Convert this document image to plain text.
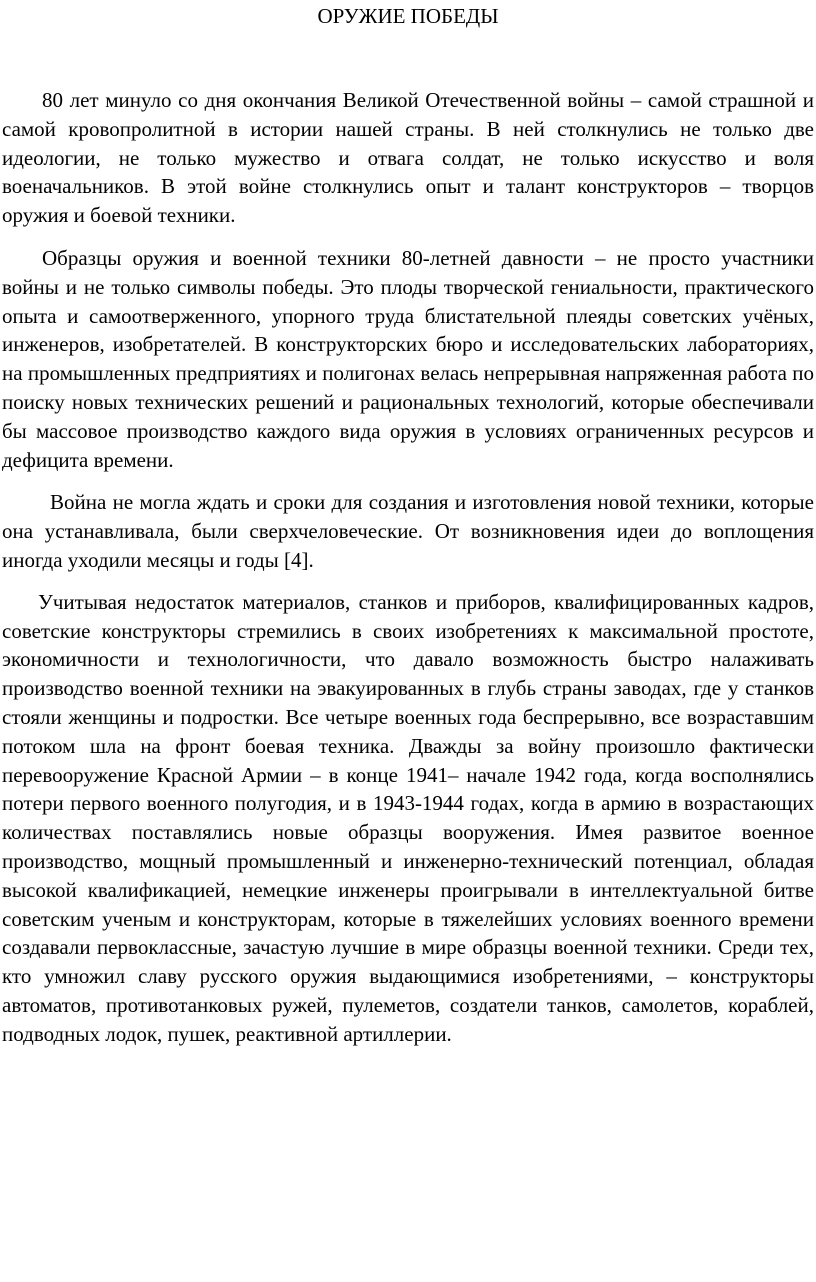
ОРУЖИЕ ПОБЕДЫ

80 лет минуло со дня окончания Великой Отечественной войны – самой страшной и самой кровопролитной в истории нашей страны. В ней столкнулись не только две идеологии, не только мужество и отвага солдат, не только искусство и воля военачальников. В этой войне столкнулись опыт и талант конструкторов – творцов оружия и боевой техники.

Образцы оружия и военной техники 80-летней давности – не просто участники войны и не только символы победы. Это плоды творческой гениальности, практического опыта и самоотверженного, упорного труда блистательной плеяды советских учёных, инженеров, изобретателей. В конструкторских бюро и исследовательских лабораториях, на промышленных предприятиях и полигонах велась непрерывная напряженная работа по поиску новых технических решений и рациональных технологий, которые обеспечивали бы массовое производство каждого вида оружия в условиях ограниченных ресурсов и дефицита времени.

Война не могла ждать и сроки для создания и изготовления новой техники, которые она устанавливала, были сверхчеловеческие. От возникновения идеи до воплощения иногда уходили месяцы и годы [4].

Учитывая недостаток материалов, станков и приборов, квалифицированных кадров, советские конструкторы стремились в своих изобретениях к максимальной простоте, экономичности и технологичности, что давало возможность быстро налаживать производство военной техники на эвакуированных в глубь страны заводах, где у станков стояли женщины и подростки. Все четыре военных года беспрерывно, все возраставшим потоком шла на фронт боевая техника. Дважды за войну произошло фактически перевооружение Красной Армии – в конце 1941– начале 1942 года, когда восполнялись потери первого военного полугодия, и в 1943-1944 годах, когда в армию в возрастающих количествах поставлялись новые образцы вооружения. Имея развитое военное производство, мощный промышленный и инженерно-технический потенциал, обладая высокой квалификацией, немецкие инженеры проигрывали в интеллектуальной битве советским ученым и конструкторам, которые в тяжелейших условиях военного времени создавали первоклассные, зачастую лучшие в мире образцы военной техники. Среди тех, кто умножил славу русского оружия выдающимися изобретениями, – конструкторы автоматов, противотанковых ружей, пулеметов, создатели танков, самолетов, кораблей, подводных лодок, пушек, реактивной артиллерии.
